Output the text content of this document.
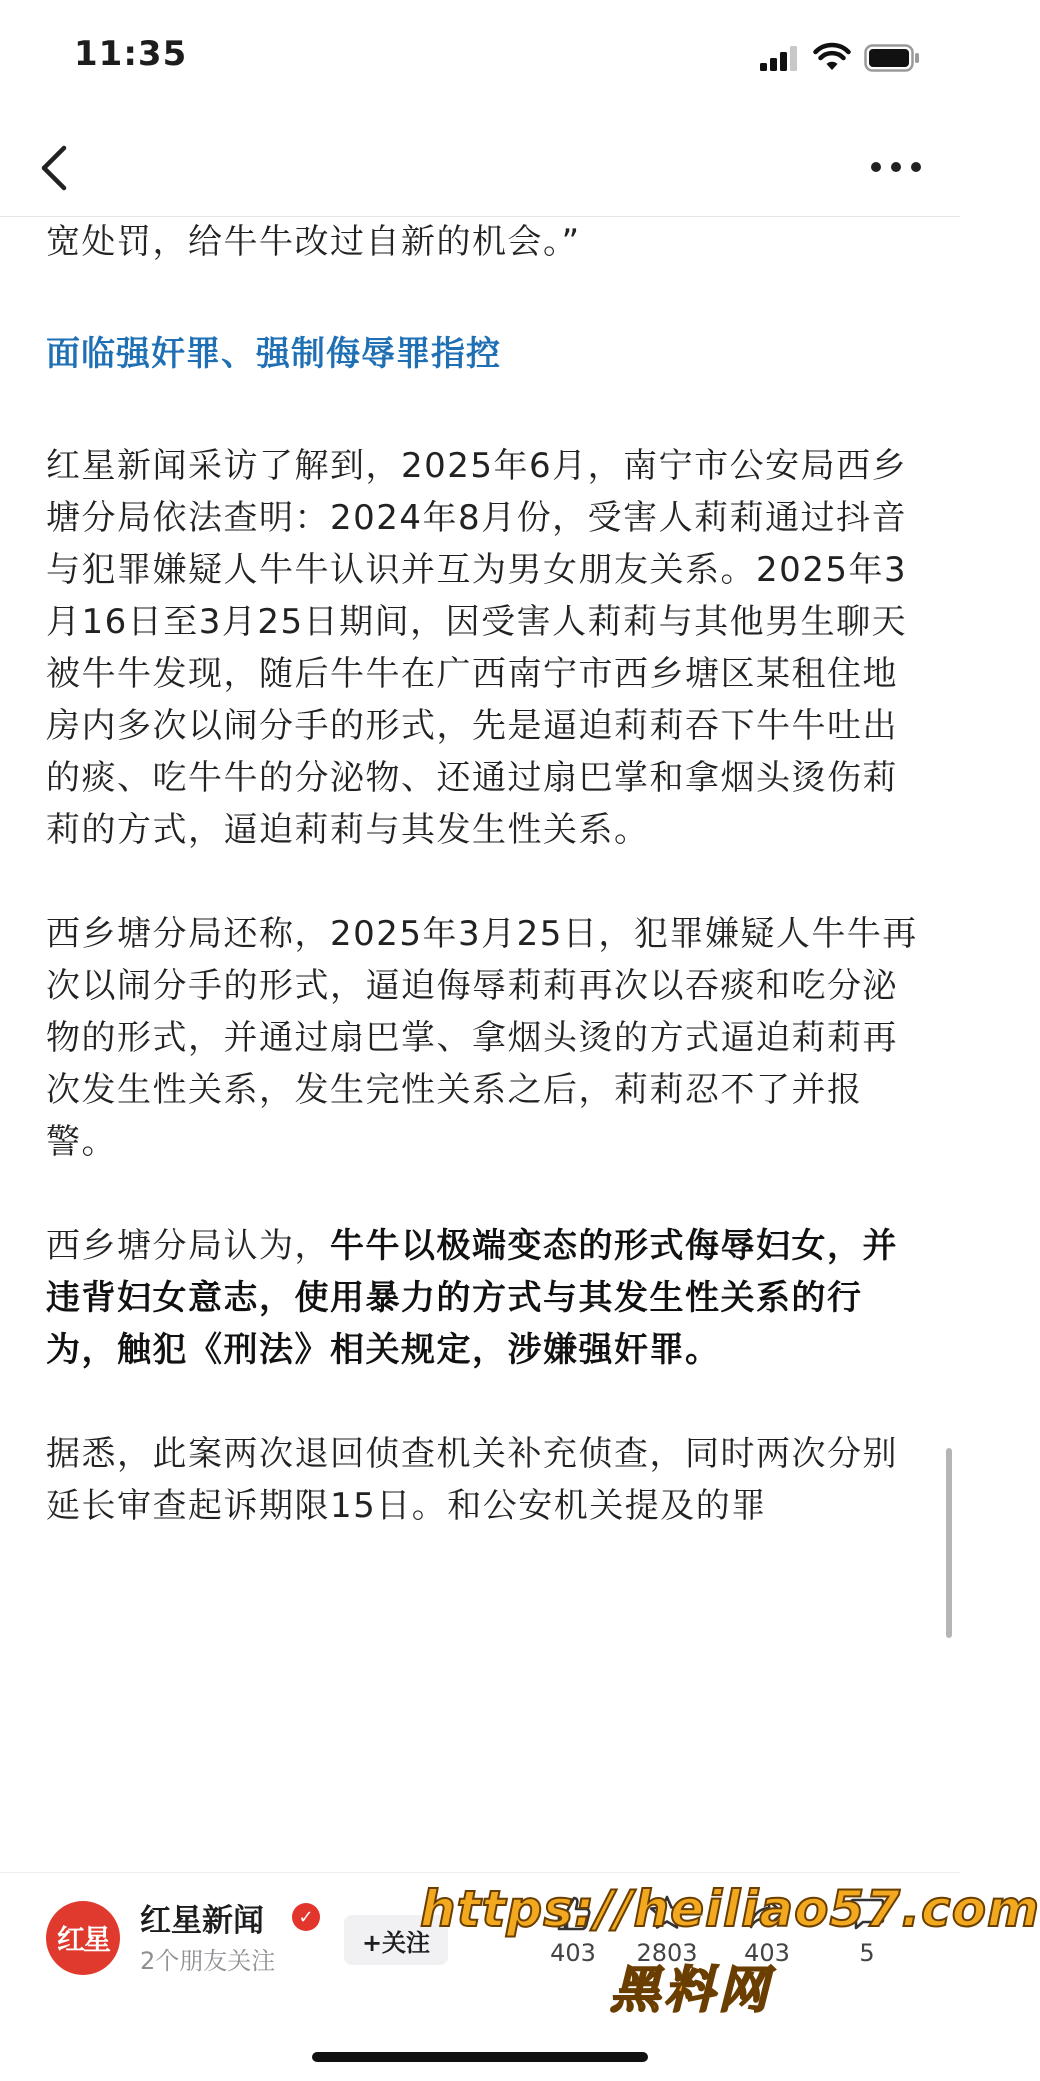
11:35

宽处罚，给牛牛改过自新的机会。”

面临强奸罪、强制侮辱罪指控

红星新闻采访了解到，2025年6月，南宁市公安局西乡塘分局依法查明：2024年8月份，受害人莉莉通过抖音与犯罪嫌疑人牛牛认识并互为男女朋友关系。2025年3月16日至3月25日期间，因受害人莉莉与其他男生聊天被牛牛发现，随后牛牛在广西南宁市西乡塘区某租住地房内多次以闹分手的形式，先是逼迫莉莉吞下牛牛吐出的痰、吃牛牛的分泌物、还通过扇巴掌和拿烟头烫伤莉莉的方式，逼迫莉莉与其发生性关系。

西乡塘分局还称，2025年3月25日，犯罪嫌疑人牛牛再次以闹分手的形式，逼迫侮辱莉莉再次以吞痰和吃分泌物的形式，并通过扇巴掌、拿烟头烫的方式逼迫莉莉再次发生性关系，发生完性关系之后，莉莉忍不了并报警。

西乡塘分局认为，牛牛以极端变态的形式侮辱妇女，并违背妇女意志，使用暴力的方式与其发生性关系的行为，触犯《刑法》相关规定，涉嫌强奸罪。

据悉，此案两次退回侦查机关补充侦查，同时两次分别延长审查起诉期限15日。和公安机关提及的罪

红星
红星新闻	✓
2个朋友关注
+关注	403 2803 403	5
https://heiliao57.com
黑料网
